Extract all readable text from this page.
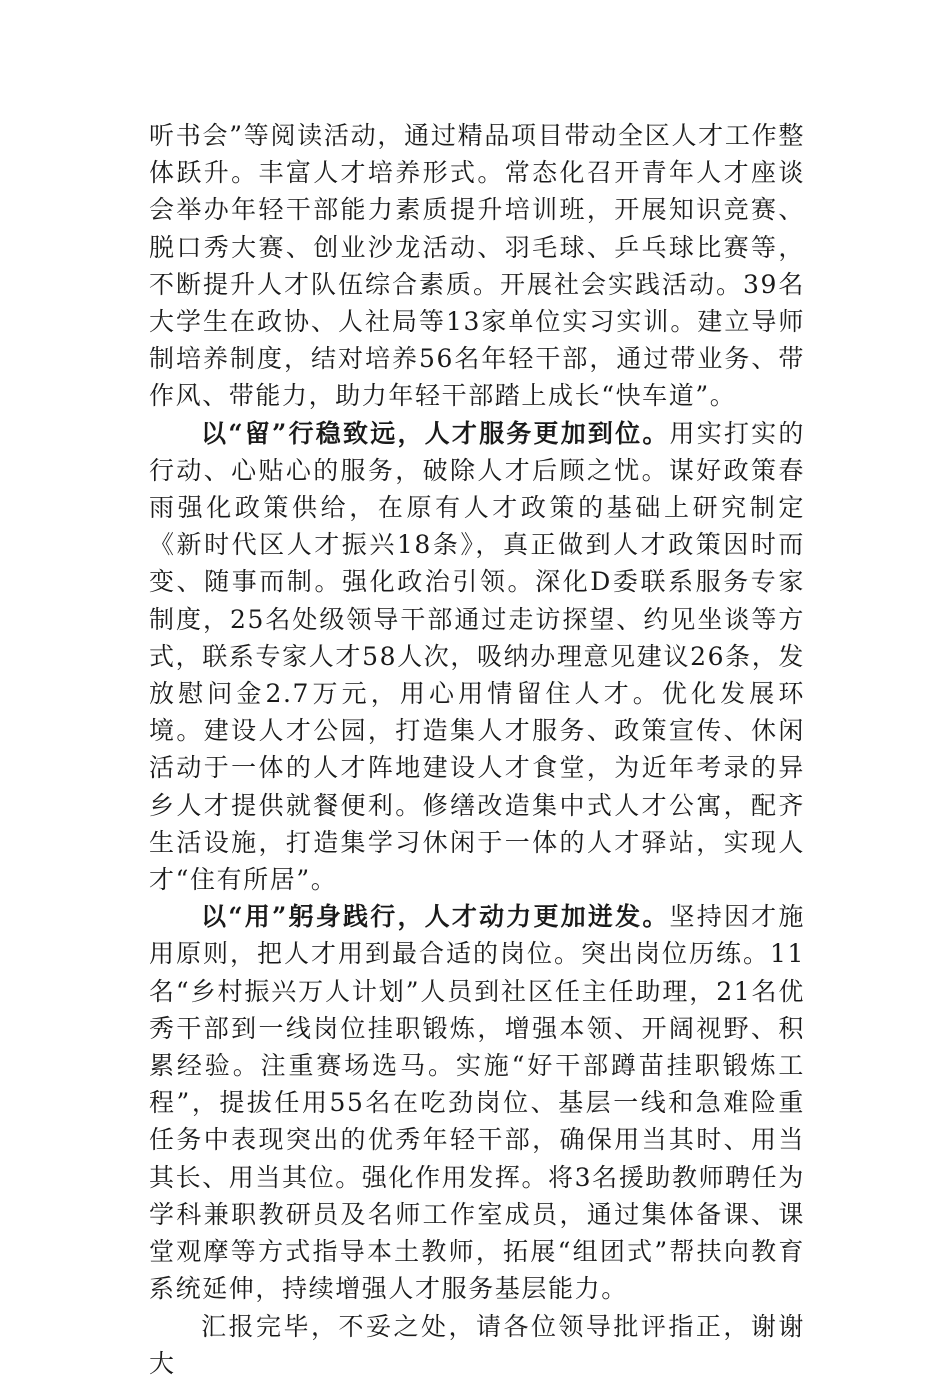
听书会”等阅读活动，通过精品项目带动全区人才工作整体跃升。丰富人才培养形式。常态化召开青年人才座谈会举办年轻干部能力素质提升培训班，开展知识竞赛、脱口秀大赛、创业沙龙活动、羽毛球、乒乓球比赛等，不断提升人才队伍综合素质。开展社会实践活动。39名大学生在政协、人社局等13家单位实习实训。建立导师制培养制度，结对培养56名年轻干部，通过带业务、带作风、带能力，助力年轻干部踏上成长“快车道”。

以“留”行稳致远，人才服务更加到位。用实打实的行动、心贴心的服务，破除人才后顾之忧。谋好政策春雨强化政策供给，在原有人才政策的基础上研究制定《新时代区人才振兴18条》，真正做到人才政策因时而变、随事而制。强化政治引领。深化D委联系服务专家制度，25名处级领导干部通过走访探望、约见坐谈等方式，联系专家人才58人次，吸纳办理意见建议26条，发放慰问金2.7万元，用心用情留住人才。优化发展环境。建设人才公园，打造集人才服务、政策宣传、休闲活动于一体的人才阵地建设人才食堂，为近年考录的异乡人才提供就餐便利。修缮改造集中式人才公寓，配齐生活设施，打造集学习休闲于一体的人才驿站，实现人才“住有所居”。

以“用”躬身践行，人才动力更加迸发。坚持因才施用原则，把人才用到最合适的岗位。突出岗位历练。11名“乡村振兴万人计划”人员到社区任主任助理，21名优秀干部到一线岗位挂职锻炼，增强本领、开阔视野、积累经验。注重赛场选马。实施“好干部蹲苗挂职锻炼工程”，提拔任用55名在吃劲岗位、基层一线和急难险重任务中表现突出的优秀年轻干部，确保用当其时、用当其长、用当其位。强化作用发挥。将3名援助教师聘任为学科兼职教研员及名师工作室成员，通过集体备课、课堂观摩等方式指导本土教师，拓展“组团式”帮扶向教育系统延伸，持续增强人才服务基层能力。

汇报完毕，不妥之处，请各位领导批评指正，谢谢大
